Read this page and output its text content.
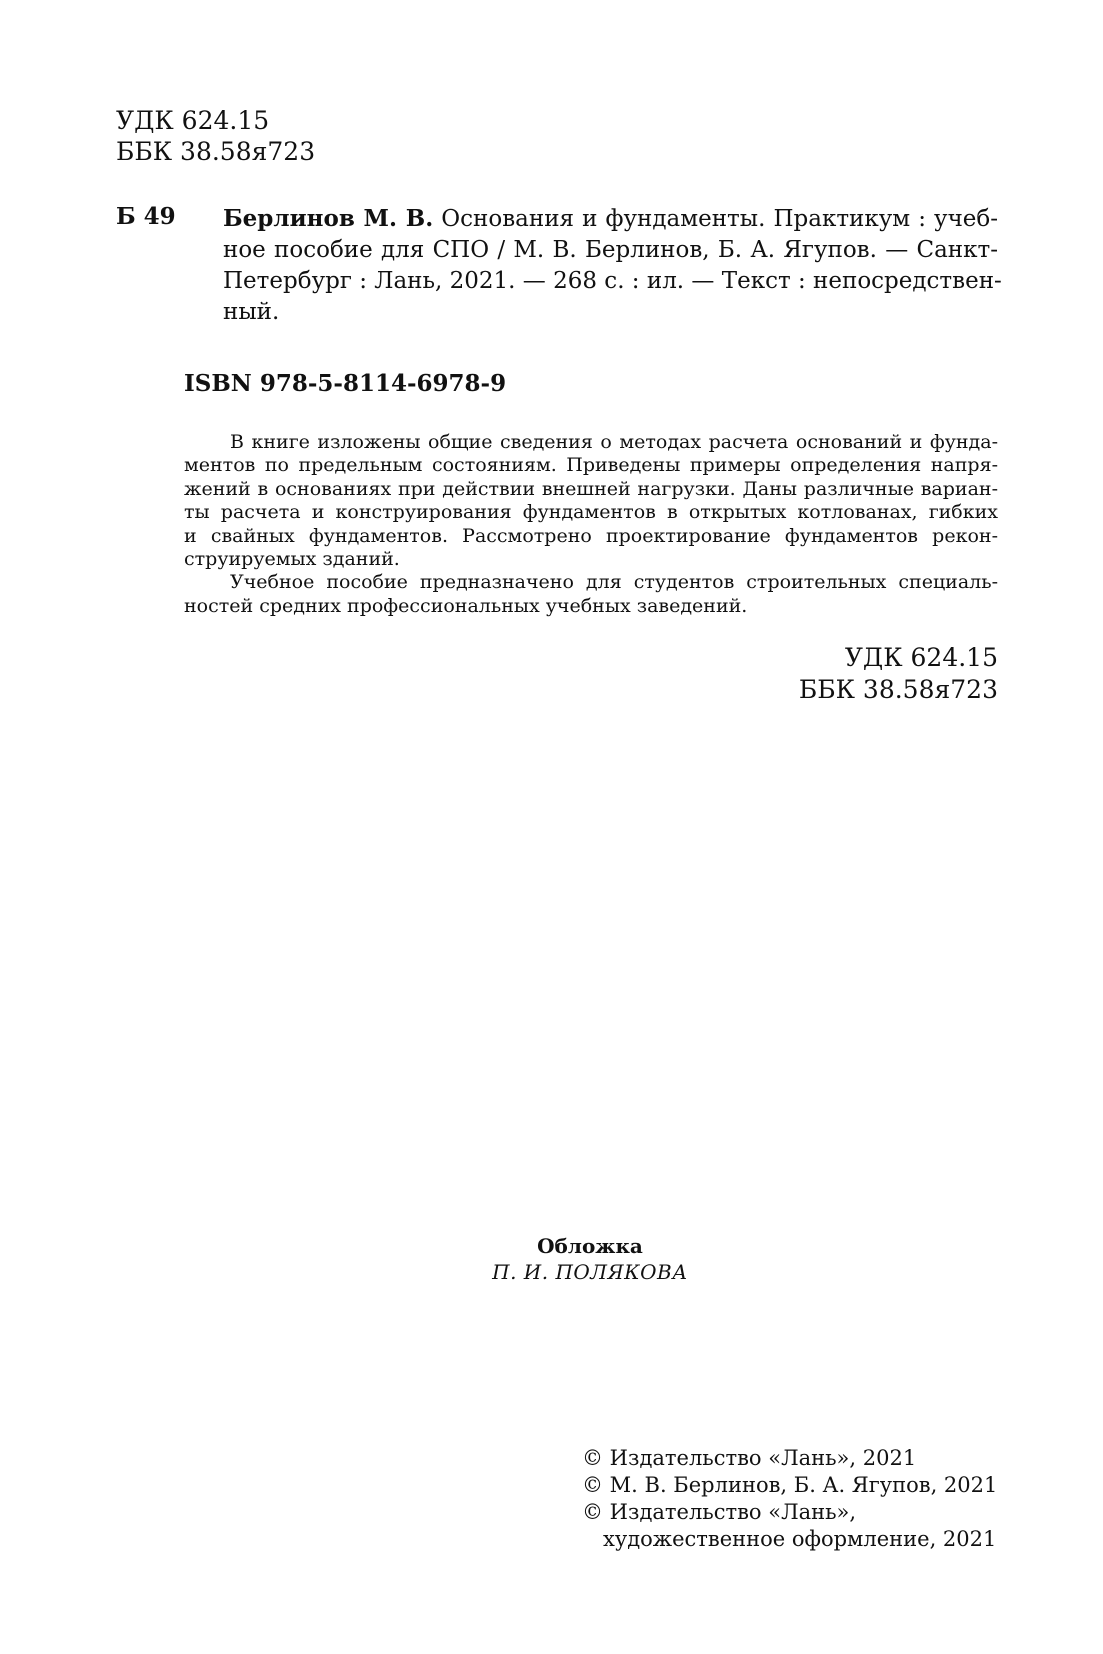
УДК 624.15
ББК 38.58я723
Б 49 Берлинов М. В. Основания и фундаменты. Практикум : учеб-
ное пособие для СПО / М. В. Берлинов, Б. А. Ягупов. — Санкт-
Петербург : Лань, 2021. — 268 с. : ил. — Текст : непосредствен-
ный.
ISBN 978-5-8114-6978-9
В книге изложены общие сведения о методах расчета оснований и фунда-
ментов по предельным состояниям. Приведены примеры определения напря-
жений в основаниях при действии внешней нагрузки. Даны различные вариан-
ты расчета и конструирования фундаментов в открытых котлованах, гибких
и свайных фундаментов. Рассмотрено проектирование фундаментов рекон-
струируемых зданий.
Учебное пособие предназначено для студентов строительных специаль-
ностей средних профессиональных учебных заведений.
УДК 624.15
ББК 38.58я723
Обложка
П. И. ПОЛЯКОВА
© Издательство «Лань», 2021
© М. В. Берлинов, Б. А. Ягупов, 2021
© Издательство «Лань»,
художественное оформление, 2021
